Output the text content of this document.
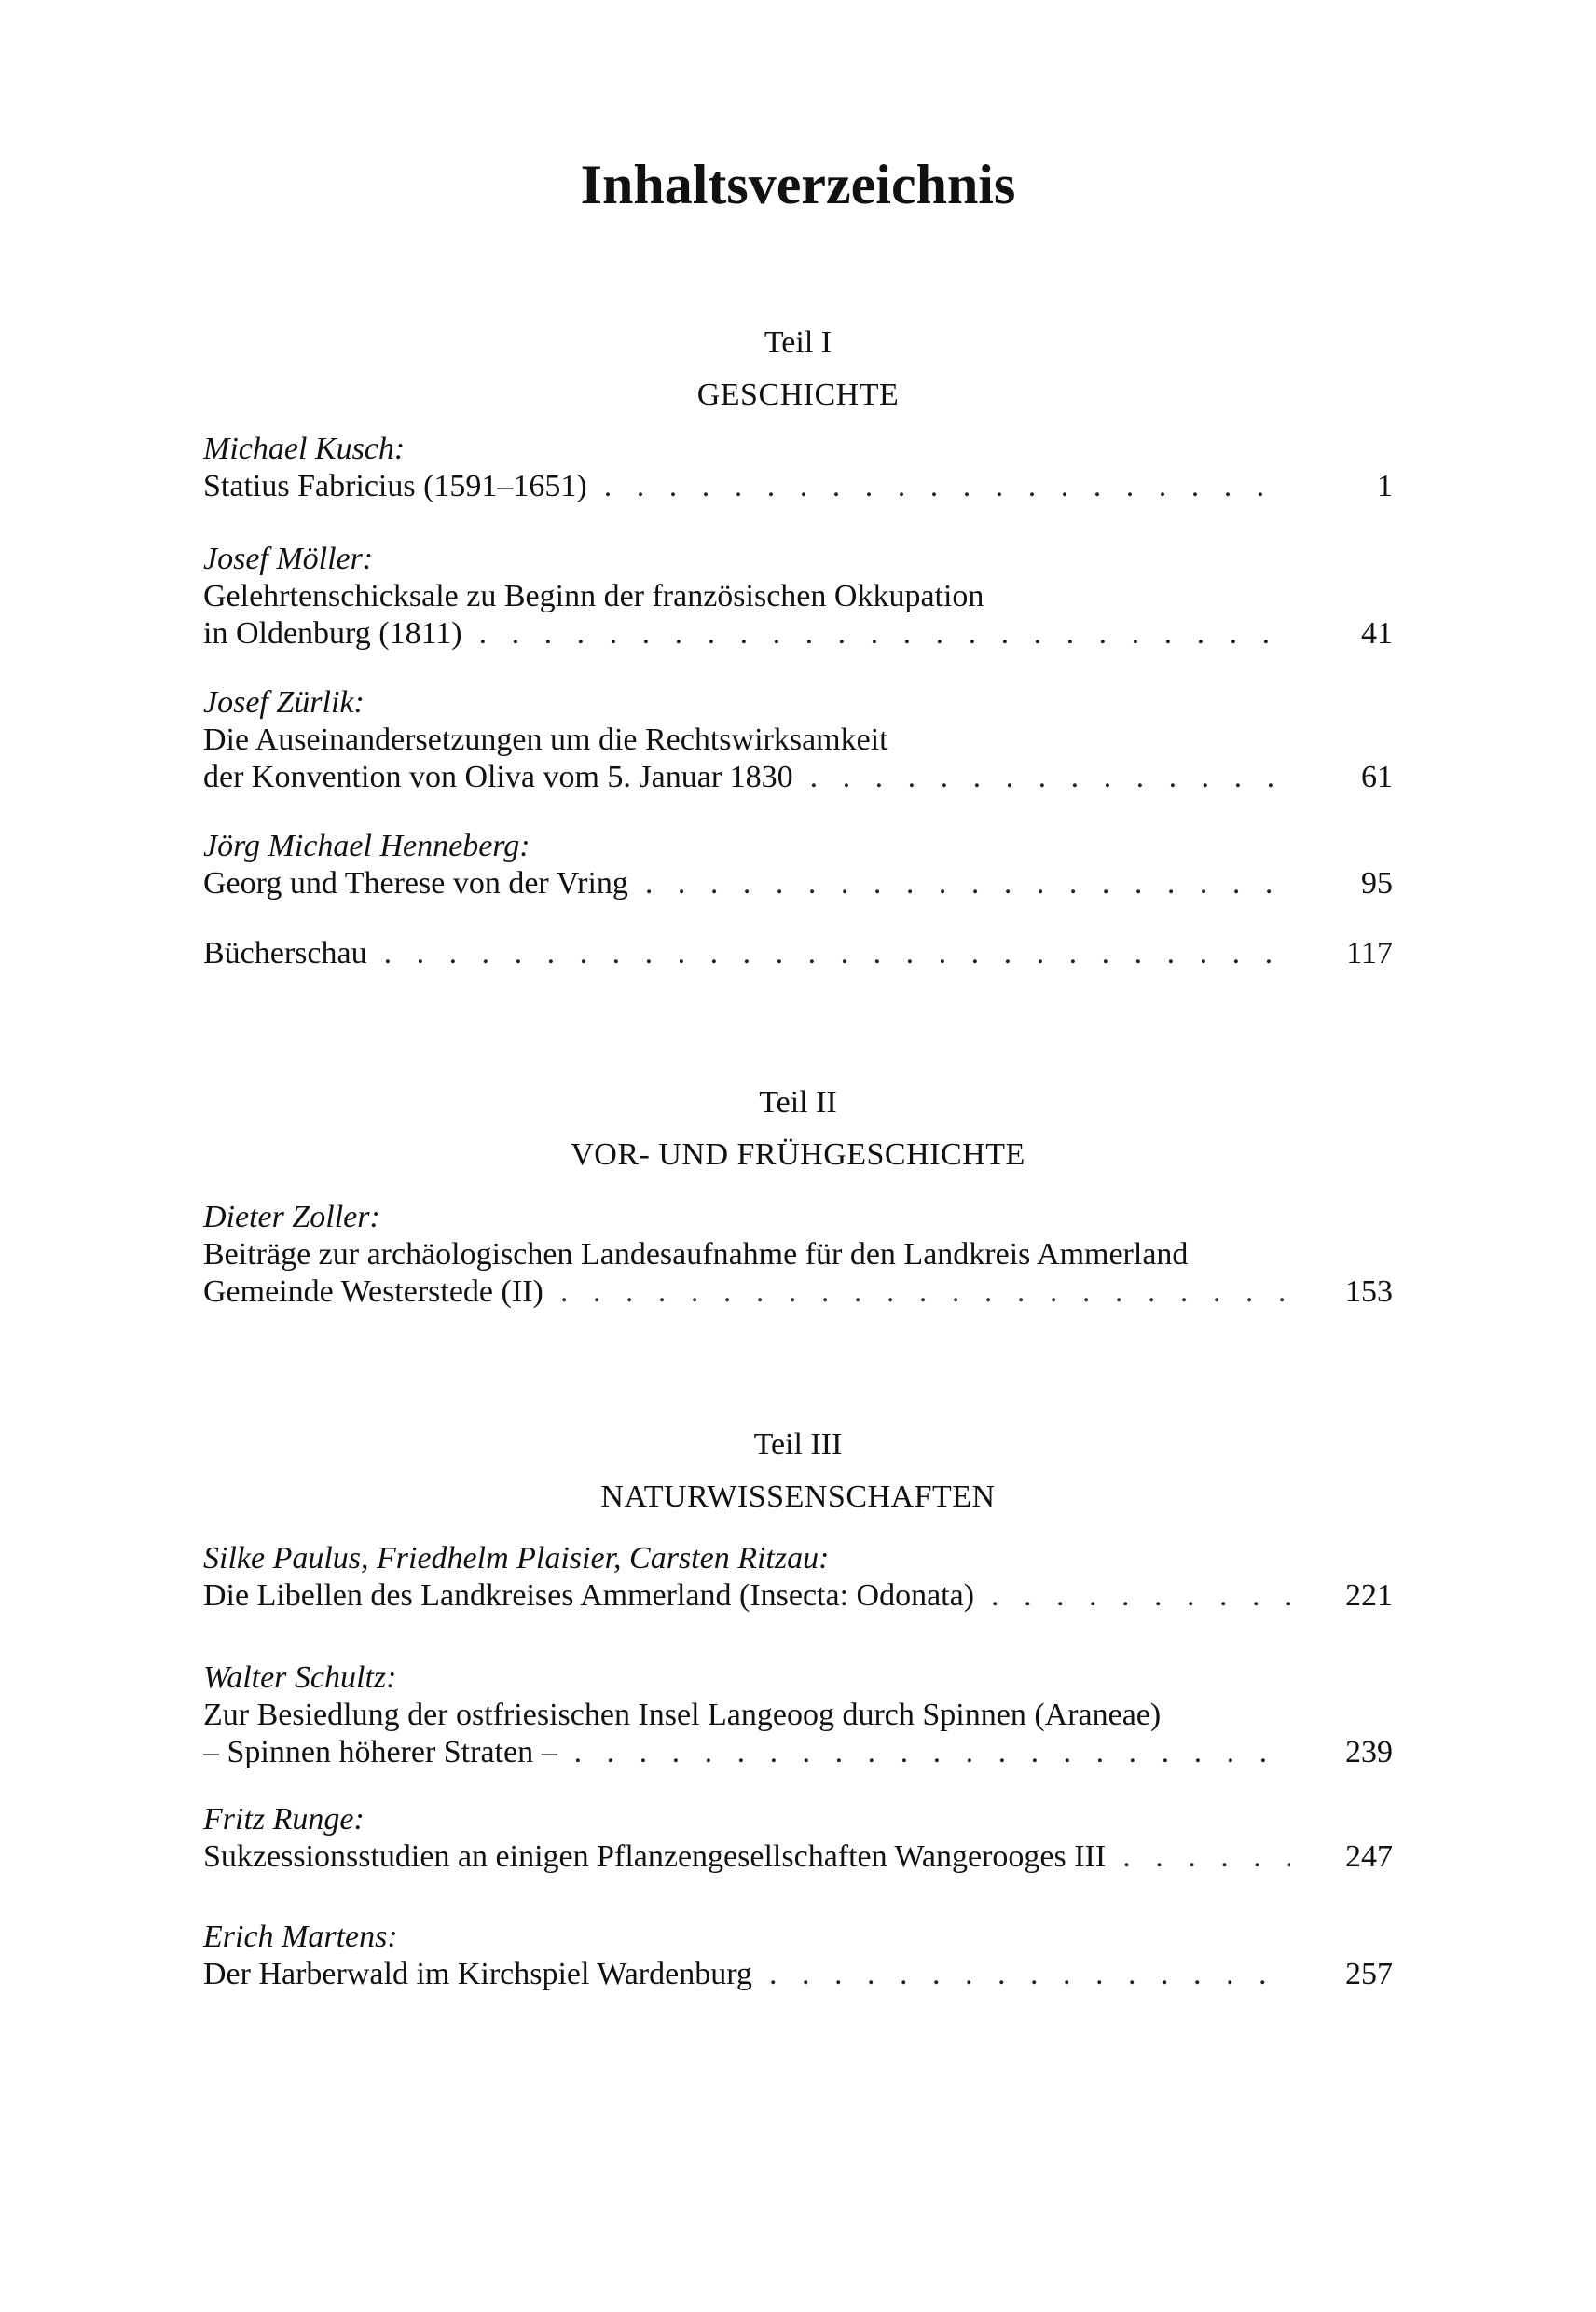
Inhaltsverzeichnis
Teil I
GESCHICHTE
Michael Kusch:
Statius Fabricius (1591–1651) . . .	1
Josef Möller:
Gelehrtenschicksale zu Beginn der französischen Okkupation
in Oldenburg (1811) . . .	41
Josef Zürlik:
Die Auseinandersetzungen um die Rechtswirksamkeit
der Konvention von Oliva vom 5. Januar 1830 . . .	61
Jörg Michael Henneberg:
Georg und Therese von der Vring . . .	95
Bücherschau . . .	117
Teil II
VOR- UND FRÜHGESCHICHTE
Dieter Zoller:
Beiträge zur archäologischen Landesaufnahme für den Landkreis Ammerland
Gemeinde Westerstede (II) . . .	153
Teil III
NATURWISSENSCHAFTEN
Silke Paulus, Friedhelm Plaisier, Carsten Ritzau:
Die Libellen des Landkreises Ammerland (Insecta: Odonata) . . .	221
Walter Schultz:
Zur Besiedlung der ostfriesischen Insel Langeoog durch Spinnen (Araneae)
– Spinnen höherer Straten – . . .	239
Fritz Runge:
Sukzessionsstudien an einigen Pflanzengesellschaften Wangerooges III . . .	247
Erich Martens:
Der Harberwald im Kirchspiel Wardenburg . . .	257
